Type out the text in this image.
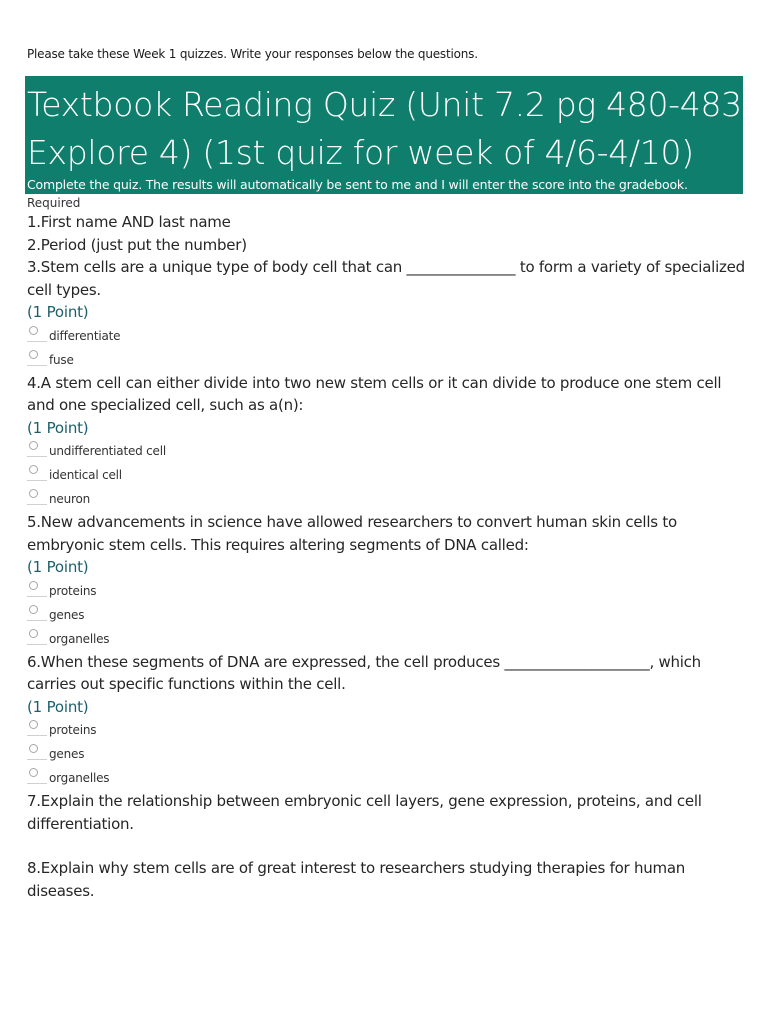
Please take these Week 1 quizzes. Write your responses below the questions.
Textbook Reading Quiz (Unit 7.2 pg 480-483
Explore 4) (1st quiz for week of 4/6-4/10)
Complete the quiz. The results will automatically be sent to me and I will enter the score into the gradebook.
Required
1.First name AND last name
2.Period (just put the number)
3.Stem cells are a unique type of body cell that can _______________ to form a variety of specialized cell types.
(1 Point)
differentiate
fuse
4.A stem cell can either divide into two new stem cells or it can divide to produce one stem cell and one specialized cell, such as a(n):
(1 Point)
undifferentiated cell
identical cell
neuron
5.New advancements in science have allowed researchers to convert human skin cells to embryonic stem cells. This requires altering segments of DNA called:
(1 Point)
proteins
genes
organelles
6.When these segments of DNA are expressed, the cell produces ____________________, which carries out specific functions within the cell.
(1 Point)
proteins
genes
organelles
7.Explain the relationship between embryonic cell layers, gene expression, proteins, and cell differentiation.
8.Explain why stem cells are of great interest to researchers studying therapies for human diseases.
